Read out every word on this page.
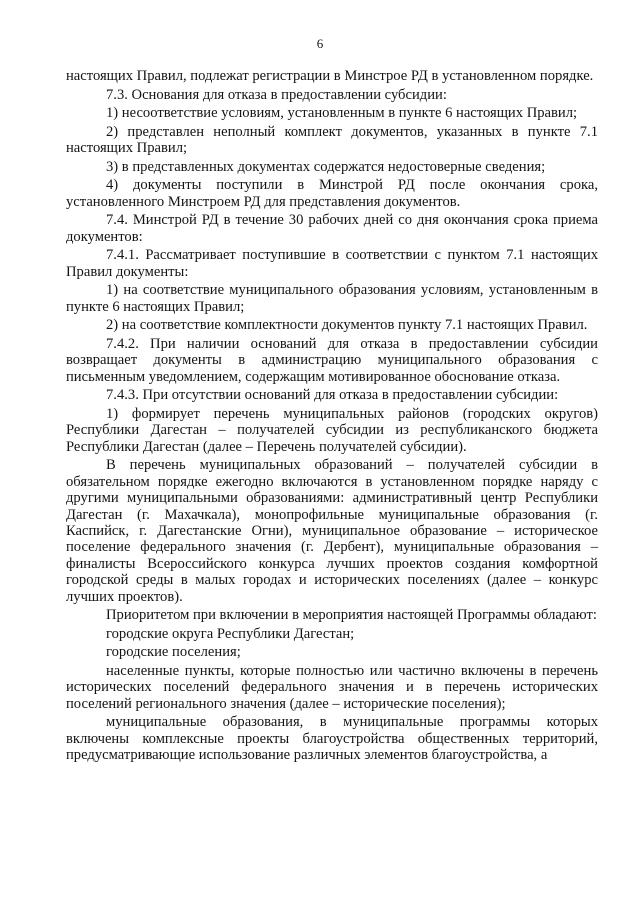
6

настоящих Правил, подлежат регистрации в Минстрое РД в установленном порядке.

7.3. Основания для отказа в предоставлении субсидии:

1) несоответствие условиям, установленным в пункте 6 настоящих Правил;

2) представлен неполный комплект документов, указанных в пункте 7.1 настоящих Правил;

3) в представленных документах содержатся недостоверные сведения;

4) документы поступили в Минстрой РД после окончания срока, установленного Минстроем РД для представления документов.

7.4. Минстрой РД в течение 30 рабочих дней со дня окончания срока приема документов:

7.4.1. Рассматривает поступившие в соответствии с пунктом 7.1 настоящих Правил документы:

1) на соответствие муниципального образования условиям, установленным в пункте 6 настоящих Правил;

2) на соответствие комплектности документов пункту 7.1 настоящих Правил.

7.4.2. При наличии оснований для отказа в предоставлении субсидии возвращает документы в администрацию муниципального образования с письменным уведомлением, содержащим мотивированное обоснование отказа.

7.4.3. При отсутствии оснований для отказа в предоставлении субсидии:

1) формирует перечень муниципальных районов (городских округов) Республики Дагестан – получателей субсидии из республиканского бюджета Республики Дагестан (далее – Перечень получателей субсидии).

В перечень муниципальных образований – получателей субсидии в обязательном порядке ежегодно включаются в установленном порядке наряду с другими муниципальными образованиями: административный центр Республики Дагестан (г. Махачкала), монопрофильные муниципальные образования (г. Каспийск, г. Дагестанские Огни), муниципальное образование – историческое поселение федерального значения (г. Дербент), муниципальные образования – финалисты Всероссийского конкурса лучших проектов создания комфортной городской среды в малых городах и исторических поселениях (далее – конкурс лучших проектов).

Приоритетом при включении в мероприятия настоящей Программы обладают:

городские округа Республики Дагестан;

городские поселения;

населенные пункты, которые полностью или частично включены в перечень исторических поселений федерального значения и в перечень исторических поселений регионального значения (далее – исторические поселения);

муниципальные образования, в муниципальные программы которых включены комплексные проекты благоустройства общественных территорий, предусматривающие использование различных элементов благоустройства, а
